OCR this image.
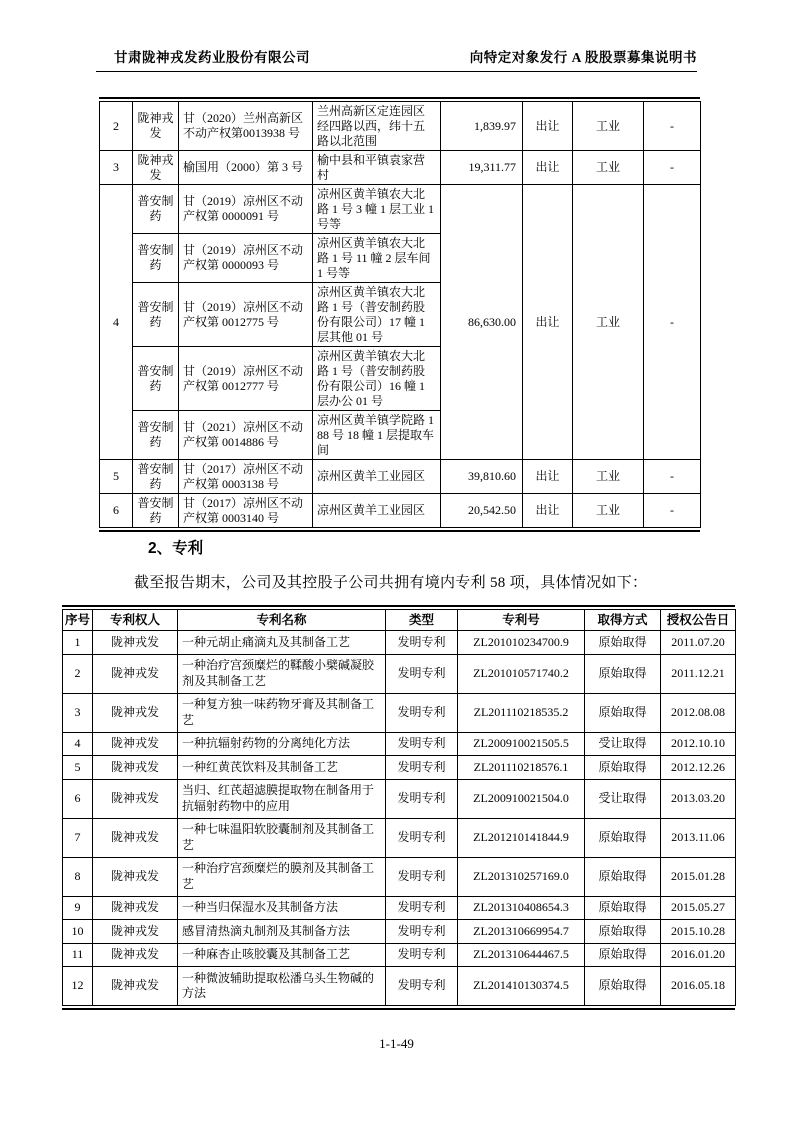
甘肃陇神戎发药业股份有限公司	向特定对象发行 A 股股票募集说明书
2	陇神戎发	甘（2020）兰州高新区不动产权第0013938 号	兰州高新区定连园区经四路以西，纬十五路以北范围	1,839.97	出让	工业	-
3	陇神戎发	榆国用（2000）第 3 号	榆中县和平镇袁家营村	19,311.77	出让	工业	-
4	普安制药	甘（2019）凉州区不动产权第 0000091 号	凉州区黄羊镇农大北路 1 号 3 幢 1 层工业 1 号等	86,630.00	出让	工业	-
	普安制药	甘（2019）凉州区不动产权第 0000093 号	凉州区黄羊镇农大北路 1 号 11 幢 2 层车间 1 号等				
	普安制药	甘（2019）凉州区不动产权第 0012775 号	凉州区黄羊镇农大北路 1 号（普安制药股份有限公司）17 幢 1 层其他 01 号				
	普安制药	甘（2019）凉州区不动产权第 0012777 号	凉州区黄羊镇农大北路 1 号（普安制药股份有限公司）16 幢 1 层办公 01 号				
	普安制药	甘（2021）凉州区不动产权第 0014886 号	凉州区黄羊镇学院路 188 号 18 幢 1 层提取车间				
5	普安制药	甘（2017）凉州区不动产权第 0003138 号	凉州区黄羊工业园区	39,810.60	出让	工业	-
6	普安制药	甘（2017）凉州区不动产权第 0003140 号	凉州区黄羊工业园区	20,542.50	出让	工业	-
2、专利
截至报告期末，公司及其控股子公司共拥有境内专利 58 项，具体情况如下：
序号	专利权人	专利名称	类型	专利号	取得方式	授权公告日
1	陇神戎发	一种元胡止痛滴丸及其制备工艺	发明专利	ZL201010234700.9	原始取得	2011.07.20
2	陇神戎发	一种治疗宫颈糜烂的鞣酸小檗碱凝胶剂及其制备工艺	发明专利	ZL201010571740.2	原始取得	2011.12.21
3	陇神戎发	一种复方独一味药物牙膏及其制备工艺	发明专利	ZL201110218535.2	原始取得	2012.08.08
4	陇神戎发	一种抗辐射药物的分离纯化方法	发明专利	ZL200910021505.5	受让取得	2012.10.10
5	陇神戎发	一种红黄芪饮料及其制备工艺	发明专利	ZL201110218576.1	原始取得	2012.12.26
6	陇神戎发	当归、红芪超滤膜提取物在制备用于抗辐射药物中的应用	发明专利	ZL200910021504.0	受让取得	2013.03.20
7	陇神戎发	一种七味温阳软胶囊制剂及其制备工艺	发明专利	ZL201210141844.9	原始取得	2013.11.06
8	陇神戎发	一种治疗宫颈糜烂的膜剂及其制备工艺	发明专利	ZL201310257169.0	原始取得	2015.01.28
9	陇神戎发	一种当归保湿水及其制备方法	发明专利	ZL201310408654.3	原始取得	2015.05.27
10	陇神戎发	感冒清热滴丸制剂及其制备方法	发明专利	ZL201310669954.7	原始取得	2015.10.28
11	陇神戎发	一种麻杏止咳胶囊及其制备工艺	发明专利	ZL201310644467.5	原始取得	2016.01.20
12	陇神戎发	一种微波辅助提取松潘乌头生物碱的方法	发明专利	ZL201410130374.5	原始取得	2016.05.18
1-1-49
